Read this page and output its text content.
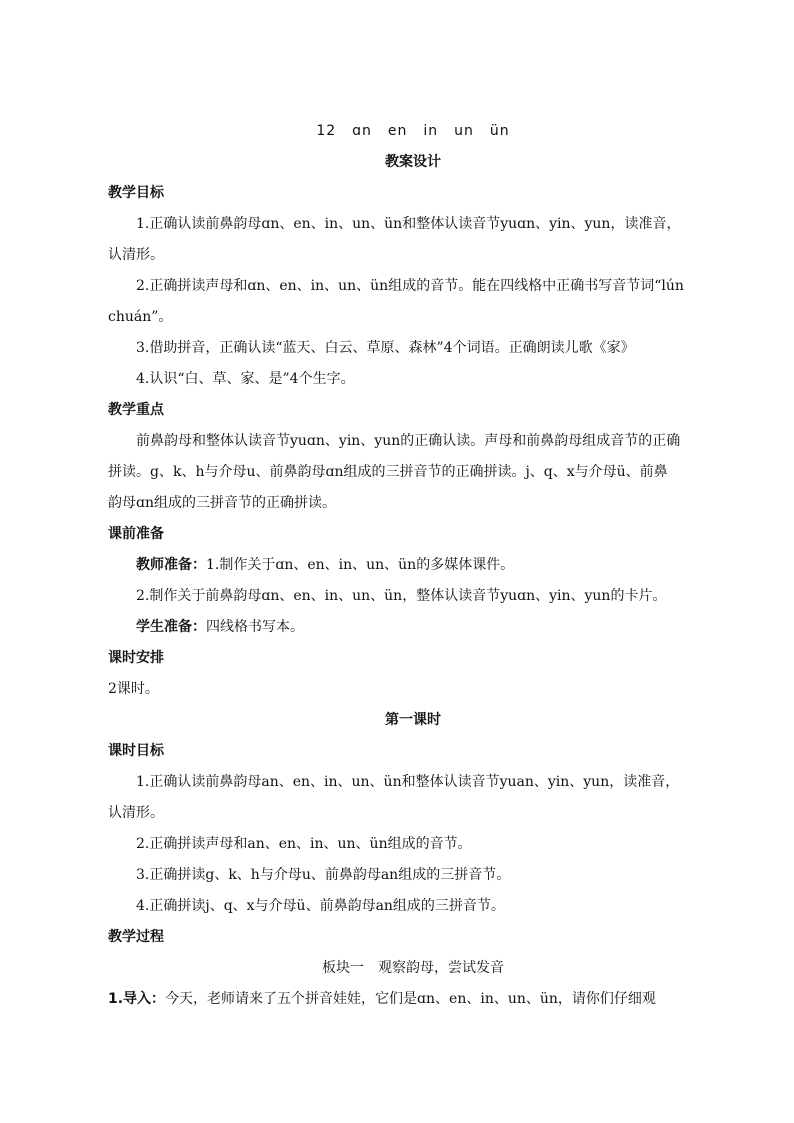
12 ɑn en in un ün
教案设计
教学目标
1.正确认读前鼻韵母ɑn、en、in、un、ün和整体认读音节yuɑn、yin、yun，读准音，
认清形。
2.正确拼读声母和ɑn、en、in、un、ün组成的音节。能在四线格中正确书写音节词“lún
chuán”。
3.借助拼音，正确认读“蓝天、白云、草原、森林”4个词语。正确朗读儿歌《家》
4.认识“白、草、家、是”4个生字。
教学重点
前鼻韵母和整体认读音节yuɑn、yin、yun的正确认读。声母和前鼻韵母组成音节的正确
拼读。g、k、h与介母u、前鼻韵母ɑn组成的三拼音节的正确拼读。j、q、x与介母ü、前鼻
韵母ɑn组成的三拼音节的正确拼读。
课前准备
教师准备：1.制作关于ɑn、en、in、un、ün的多媒体课件。
2.制作关于前鼻韵母ɑn、en、in、un、ün，整体认读音节yuɑn、yin、yun的卡片。
学生准备：四线格书写本。
课时安排
2课时。
第一课时
课时目标
1.正确认读前鼻韵母an、en、in、un、ün和整体认读音节yuan、yin、yun，读准音，
认清形。
2.正确拼读声母和an、en、in、un、ün组成的音节。
3.正确拼读g、k、h与介母u、前鼻韵母an组成的三拼音节。
4.正确拼读j、q、x与介母ü、前鼻韵母an组成的三拼音节。
教学过程
板块一　观察韵母，尝试发音
1.导入：今天，老师请来了五个拼音娃娃，它们是ɑn、en、in、un、ün，请你们仔细观
